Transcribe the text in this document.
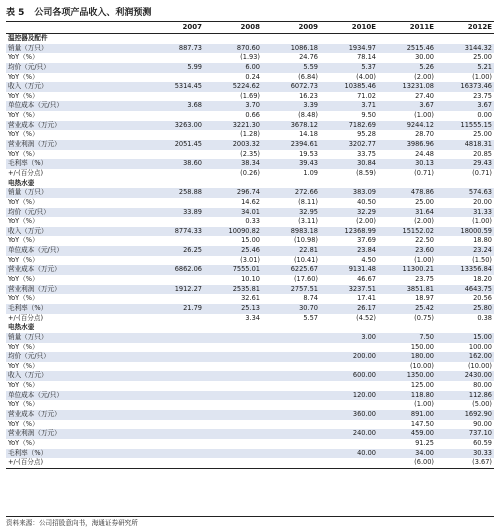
表 5 公司各项产品收入、利润预测
	2007	2008	2009	2010E	2011E	2012E
温控器及配件						
销量（万只）	887.73	870.60	1086.18	1934.97	2515.46	3144.32
YoY（%）		(1.93)	24.76	78.14	30.00	25.00
均价（元/只）	5.99	6.00	5.59	5.37	5.26	5.21
YoY（%）		0.24	(6.84)	(4.00)	(2.00)	(1.00)
收入（万元）	5314.45	5224.62	6072.73	10385.46	13231.08	16373.46
YoY（%）		(1.69)	16.23	71.02	27.40	23.75
单位成本（元/只）	3.68	3.70	3.39	3.71	3.67	3.67
YoY（%）		0.66	(8.48)	9.50	(1.00)	0.00
营业成本（万元）	3263.00	3221.30	3678.12	7182.69	9244.12	11555.15
YoY（%）		(1.28)	14.18	95.28	28.70	25.00
营业利润（万元）	2051.45	2003.32	2394.61	3202.77	3986.96	4818.31
YoY（%）		(2.35)	19.53	33.75	24.48	20.85
毛利率（%）	38.60	38.34	39.43	30.84	30.13	29.43
+/-(百分点)		(0.26)	1.09	(8.59)	(0.71)	(0.71)
电热水壶						
销量（万只）	258.88	296.74	272.66	383.09	478.86	574.63
YoY（%）		14.62	(8.11)	40.50	25.00	20.00
均价（元/只）	33.89	34.01	32.95	32.29	31.64	31.33
YoY（%）		0.33	(3.11)	(2.00)	(2.00)	(1.00)
收入（万元）	8774.33	10090.82	8983.18	12368.99	15152.02	18000.59
YoY（%）		15.00	(10.98)	37.69	22.50	18.80
单位成本（元/只）	26.25	25.46	22.81	23.84	23.60	23.24
YoY（%）		(3.01)	(10.41)	4.50	(1.00)	(1.50)
营业成本（万元）	6862.06	7555.01	6225.67	9131.48	11300.21	13356.84
YoY（%）		10.10	(17.60)	46.67	23.75	18.20
营业利润（万元）	1912.27	2535.81	2757.51	3237.51	3851.81	4643.75
YoY（%）		32.61	8.74	17.41	18.97	20.56
毛利率（%）	21.79	25.13	30.70	26.17	25.42	25.80
+/-(百分点)		3.34	5.57	(4.52)	(0.75)	0.38
电热水壶						
销量（万只）				3.00	7.50	15.00
YoY（%）					150.00	100.00
均价（元/只）				200.00	180.00	162.00
YoY（%）					(10.00)	(10.00)
收入（万元）				600.00	1350.00	2430.00
YoY（%）					125.00	80.00
单位成本（元/只）				120.00	118.80	112.86
YoY（%）					(1.00)	(5.00)
营业成本（万元）				360.00	891.00	1692.90
YoY（%）					147.50	90.00
营业利润（万元）				240.00	459.00	737.10
YoY（%）					91.25	60.59
毛利率（%）				40.00	34.00	30.33
+/-(百分点)					(6.00)	(3.67)
资料来源：公司招股意向书，海通证券研究所
